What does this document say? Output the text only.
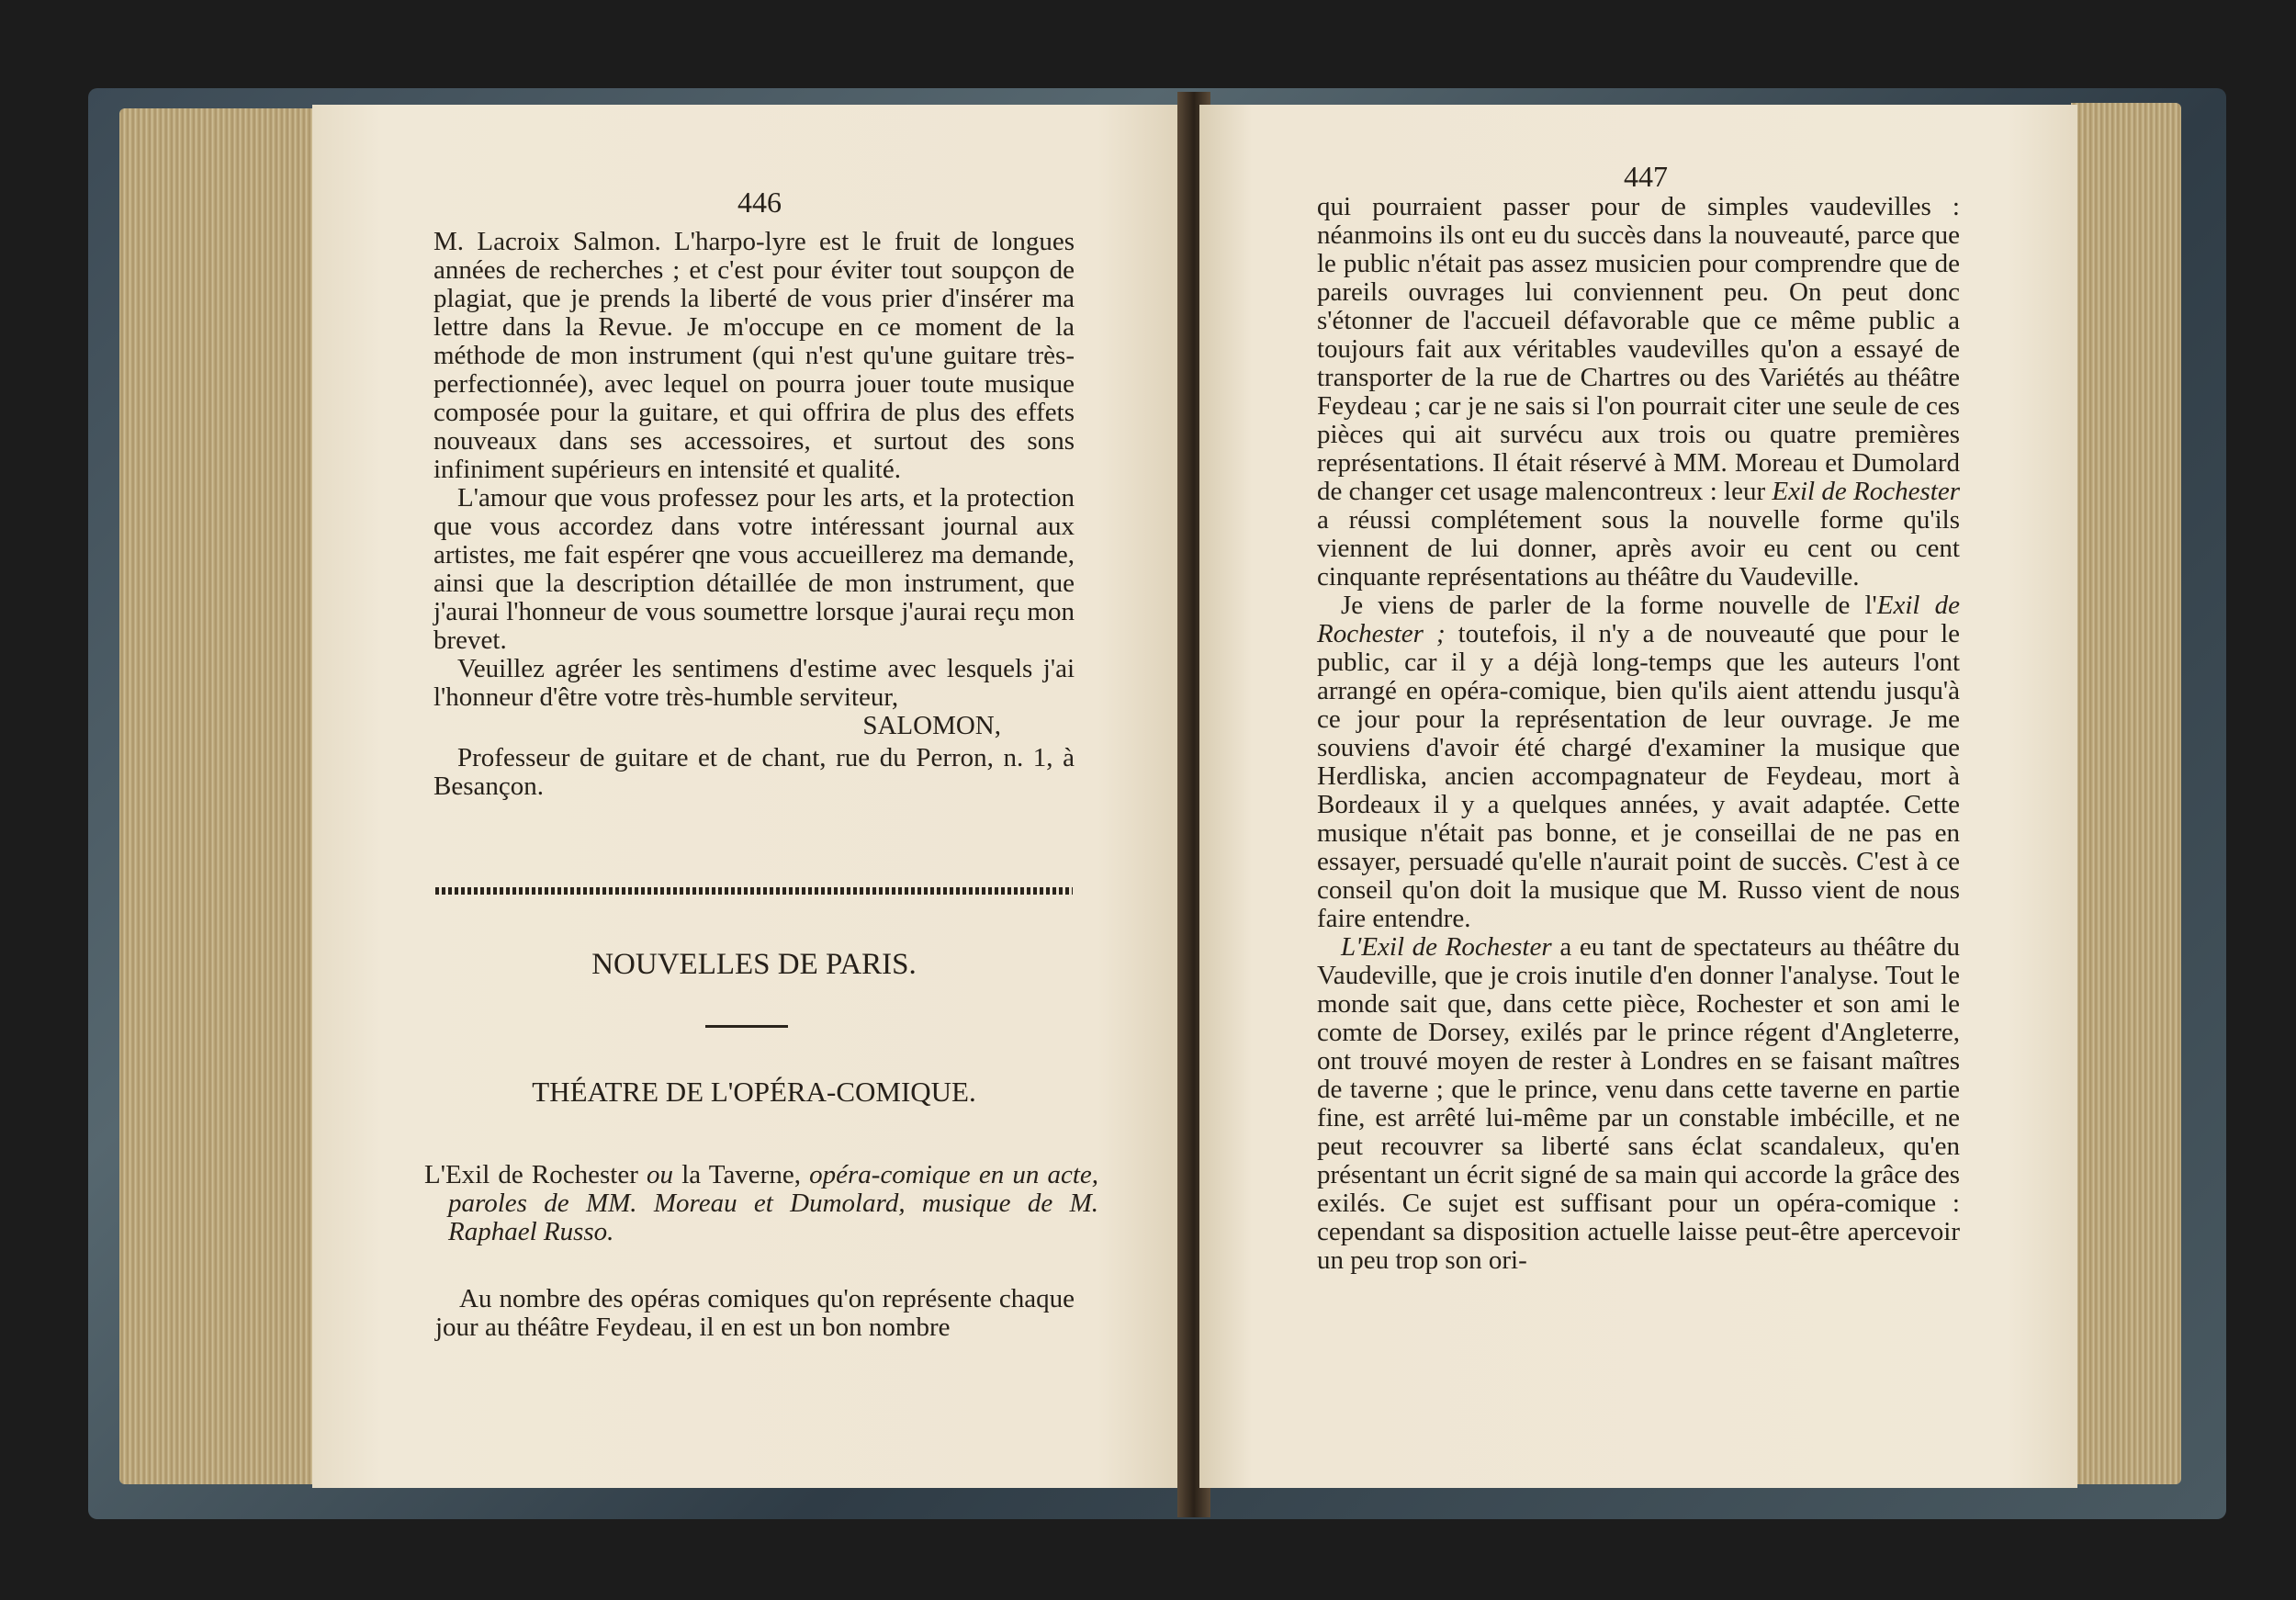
446

M. Lacroix Salmon. L'harpo-lyre est le fruit de longues années de recherches ; et c'est pour éviter tout soupçon de plagiat, que je prends la liberté de vous prier d'insérer ma lettre dans la Revue. Je m'occupe en ce moment de la méthode de mon instrument (qui n'est qu'une guitare très-perfectionnée), avec lequel on pourra jouer toute musique composée pour la guitare, et qui offrira de plus des effets nouveaux dans ses accessoires, et surtout des sons infiniment supérieurs en intensité et qualité.

L'amour que vous professez pour les arts, et la protection que vous accordez dans votre intéressant journal aux artistes, me fait espérer qne vous accueillerez ma demande, ainsi que la description détaillée de mon instrument, que j'aurai l'honneur de vous soumettre lorsque j'aurai reçu mon brevet.

Veuillez agréer les sentimens d'estime avec lesquels j'ai l'honneur d'être votre très-humble serviteur,

SALOMON,

Professeur de guitare et de chant, rue du Perron, n. 1, à Besançon.

NOUVELLES DE PARIS.
THÉATRE DE L'OPÉRA-COMIQUE.
L'Exil de Rochester ou la Taverne, opéra-comique en un acte, paroles de MM. Moreau et Dumolard, musique de M. Raphael Russo.
Au nombre des opéras comiques qu'on représente chaque jour au théâtre Feydeau, il en est un bon nombre
447

qui pourraient passer pour de simples vaudevilles : néanmoins ils ont eu du succès dans la nouveauté, parce que le public n'était pas assez musicien pour comprendre que de pareils ouvrages lui conviennent peu. On peut donc s'étonner de l'accueil défavorable que ce même public a toujours fait aux véritables vaudevilles qu'on a essayé de transporter de la rue de Chartres ou des Variétés au théâtre Feydeau ; car je ne sais si l'on pourrait citer une seule de ces pièces qui ait survécu aux trois ou quatre premières représentations. Il était réservé à MM. Moreau et Dumolard de changer cet usage malencontreux : leur Exil de Rochester a réussi complétement sous la nouvelle forme qu'ils viennent de lui donner, après avoir eu cent ou cent cinquante représentations au théâtre du Vaudeville.

Je viens de parler de la forme nouvelle de l'Exil de Rochester ; toutefois, il n'y a de nouveauté que pour le public, car il y a déjà long-temps que les auteurs l'ont arrangé en opéra-comique, bien qu'ils aient attendu jusqu'à ce jour pour la représentation de leur ouvrage. Je me souviens d'avoir été chargé d'examiner la musique que Herdliska, ancien accompagnateur de Feydeau, mort à Bordeaux il y a quelques années, y avait adaptée. Cette musique n'était pas bonne, et je conseillai de ne pas en essayer, persuadé qu'elle n'aurait point de succès. C'est à ce conseil qu'on doit la musique que M. Russo vient de nous faire entendre.

L'Exil de Rochester a eu tant de spectateurs au théâtre du Vaudeville, que je crois inutile d'en donner l'analyse. Tout le monde sait que, dans cette pièce, Rochester et son ami le comte de Dorsey, exilés par le prince régent d'Angleterre, ont trouvé moyen de rester à Londres en se faisant maîtres de taverne ; que le prince, venu dans cette taverne en partie fine, est arrêté lui-même par un constable imbécille, et ne peut recouvrer sa liberté sans éclat scandaleux, qu'en présentant un écrit signé de sa main qui accorde la grâce des exilés. Ce sujet est suffisant pour un opéra-comique : cependant sa disposition actuelle laisse peut-être apercevoir un peu trop son ori-
